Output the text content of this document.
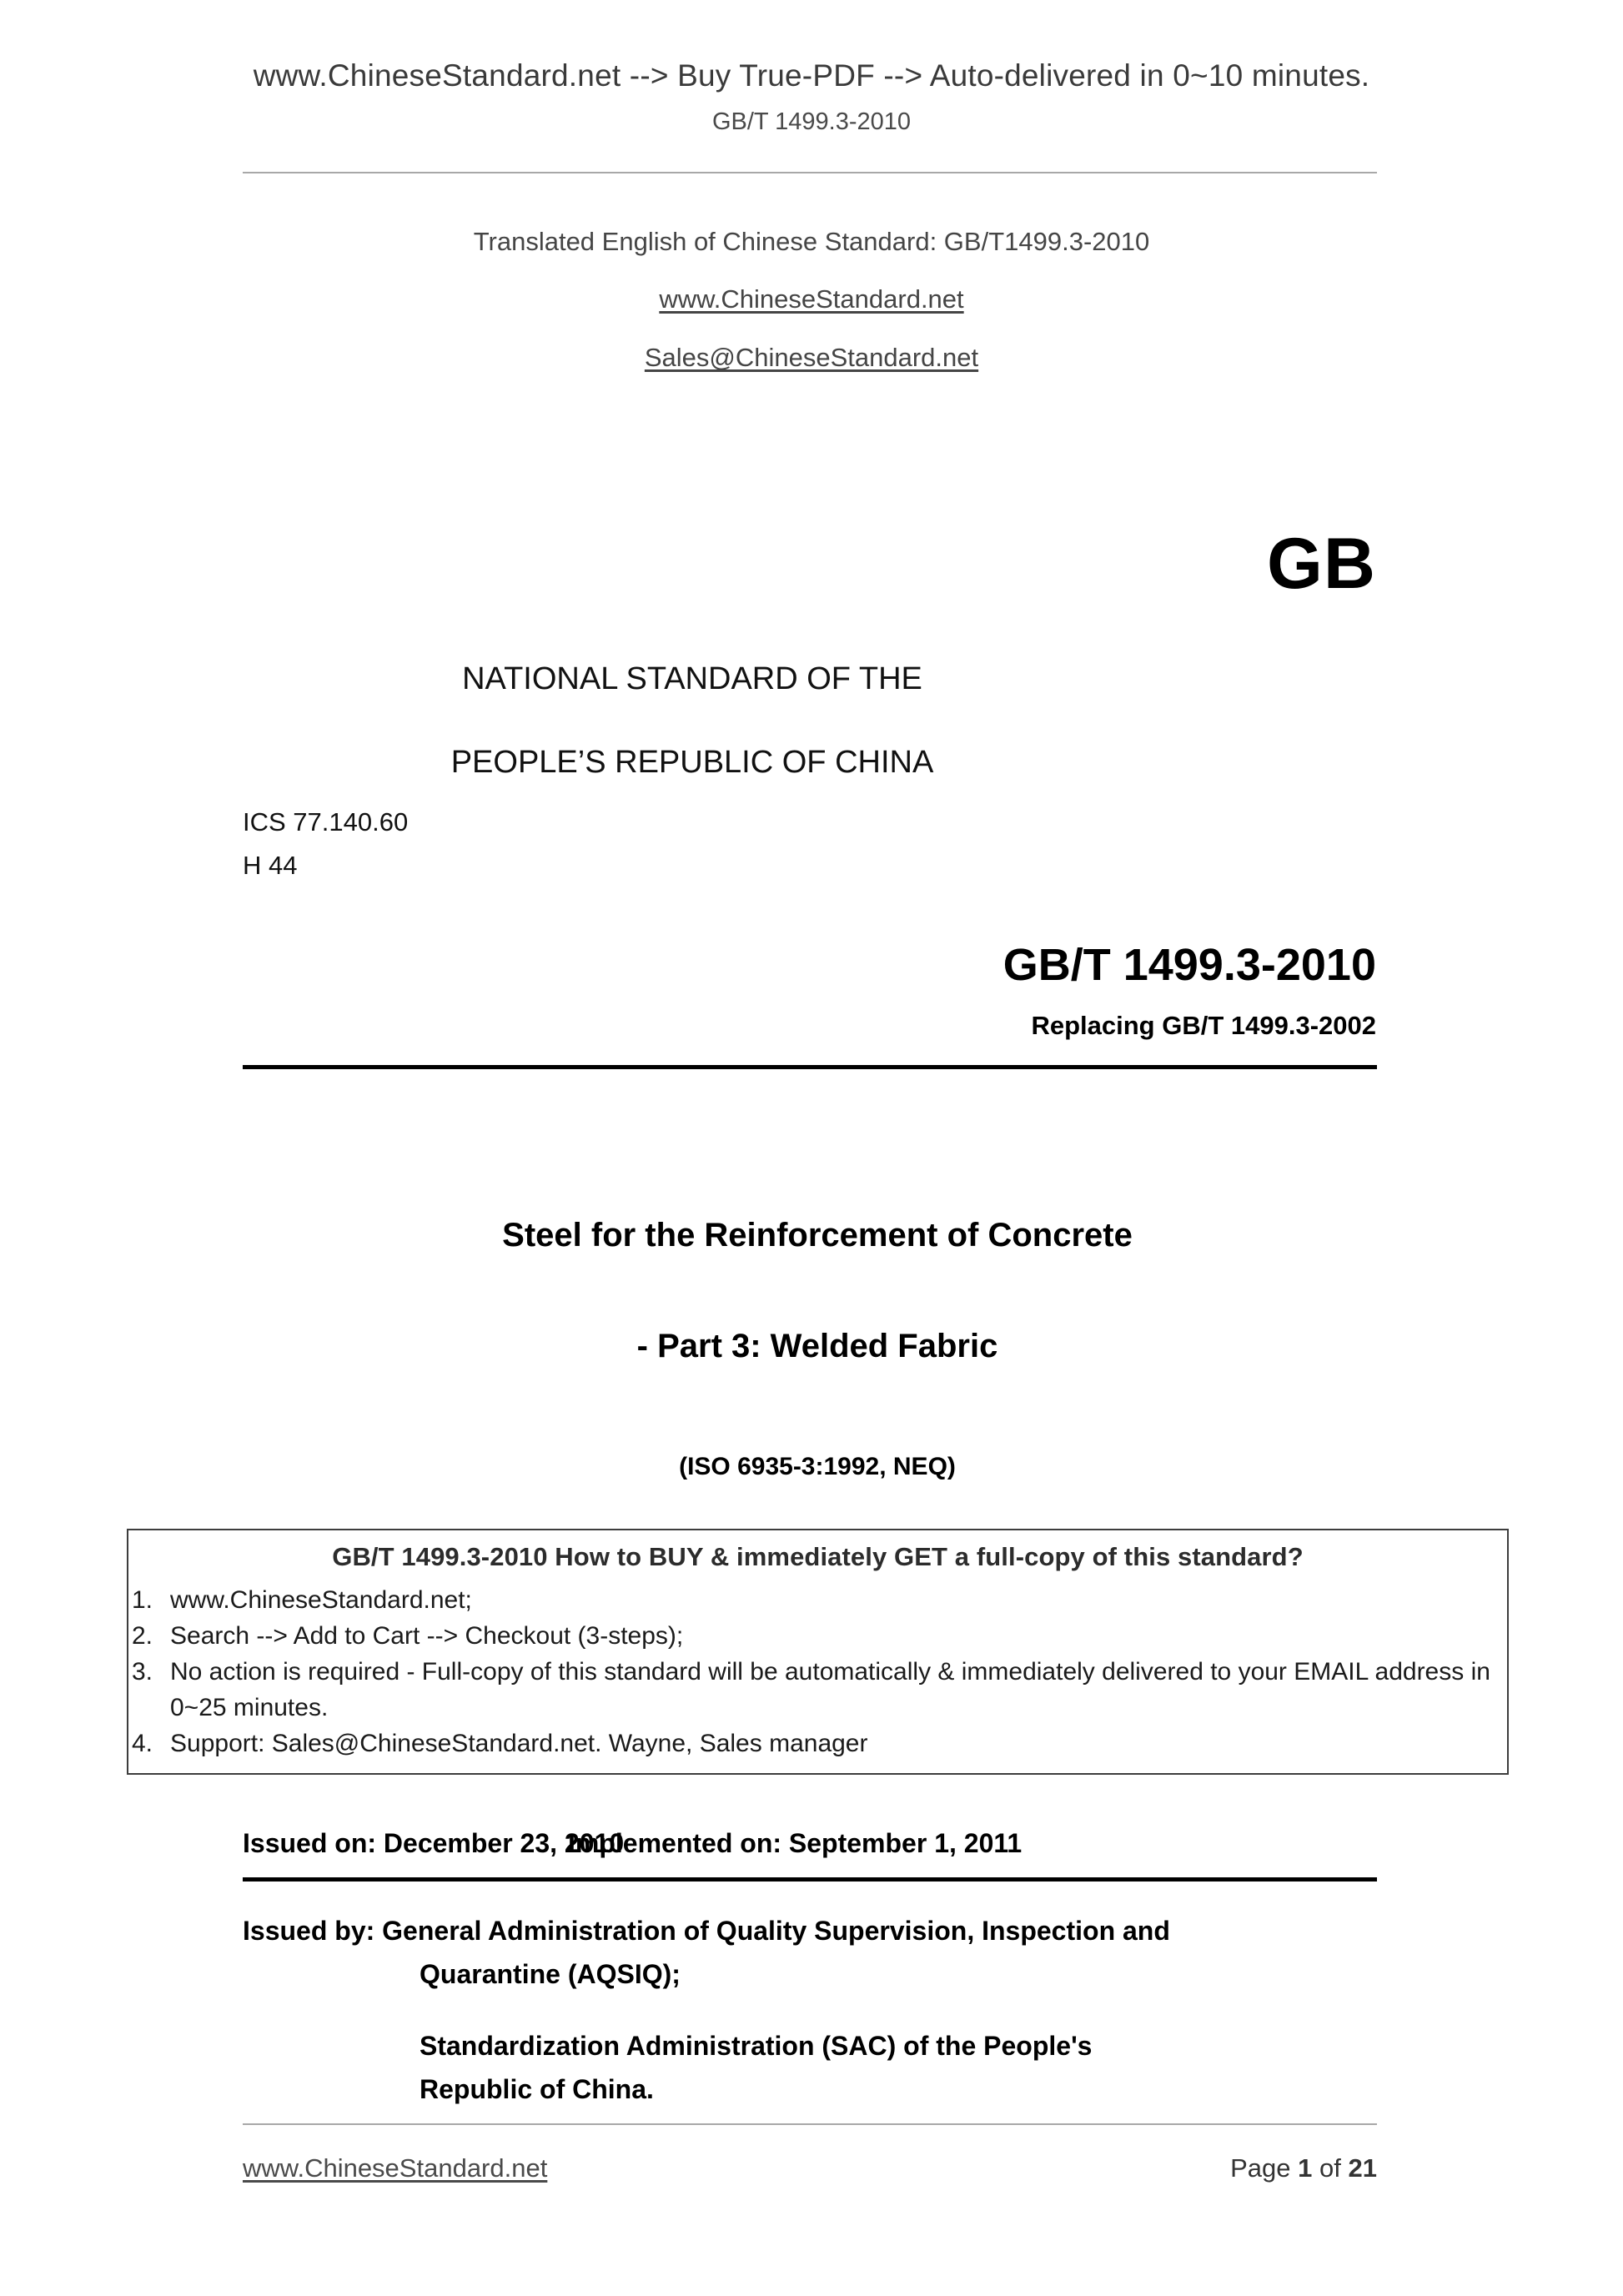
www.ChineseStandard.net --> Buy True-PDF --> Auto-delivered in 0~10 minutes.
GB/T 1499.3-2010
Translated English of Chinese Standard: GB/T1499.3-2010
www.ChineseStandard.net
Sales@ChineseStandard.net
GB
NATIONAL STANDARD OF THE
PEOPLE’S REPUBLIC OF CHINA
ICS 77.140.60
H 44
GB/T 1499.3-2010
Replacing GB/T 1499.3-2002
Steel for the Reinforcement of Concrete
- Part 3: Welded Fabric
(ISO 6935-3:1992, NEQ)
GB/T 1499.3-2010 How to BUY & immediately GET a full-copy of this standard?
1. www.ChineseStandard.net;
2. Search --> Add to Cart --> Checkout (3-steps);
3. No action is required - Full-copy of this standard will be automatically & immediately delivered to your EMAIL address in 0~25 minutes.
4. Support: Sales@ChineseStandard.net. Wayne, Sales manager
Issued on: December 23, 2010
Implemented on: September 1, 2011
Issued by: General Administration of Quality Supervision, Inspection and
Quarantine (AQSIQ);
Standardization Administration (SAC) of the People's
Republic of China.
www.ChineseStandard.net	Page 1 of 21
